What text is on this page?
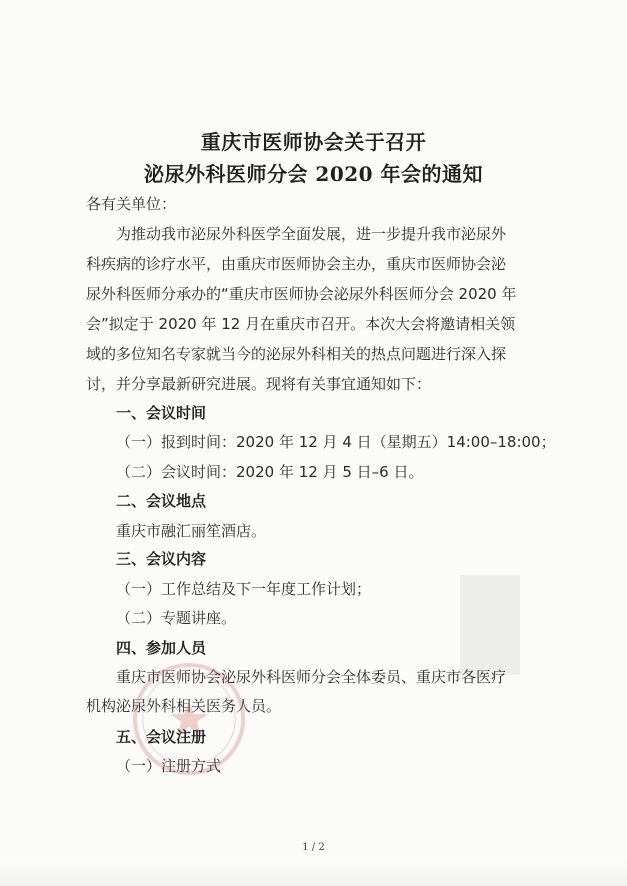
重庆市医师协会关于召开
泌尿外科医师分会 2020 年会的通知
各有关单位：
为推动我市泌尿外科医学全面发展，进一步提升我市泌尿外
科疾病的诊疗水平，由重庆市医师协会主办，重庆市医师协会泌
尿外科医师分承办的“重庆市医师协会泌尿外科医师分会 2020 年
会”拟定于 2020 年 12 月在重庆市召开。本次大会将邀请相关领
域的多位知名专家就当今的泌尿外科相关的热点问题进行深入探
讨，并分享最新研究进展。现将有关事宜通知如下：
一、会议时间
（一）报到时间：2020 年 12 月 4 日（星期五）14:00–18:00；
（二）会议时间：2020 年 12 月 5 日–6 日。
二、会议地点
重庆市融汇丽笙酒店。
三、会议内容
（一）工作总结及下一年度工作计划；
（二）专题讲座。
四、参加人员
重庆市医师协会泌尿外科医师分会全体委员、重庆市各医疗
机构泌尿外科相关医务人员。
五、会议注册
（一）注册方式
1 / 2
